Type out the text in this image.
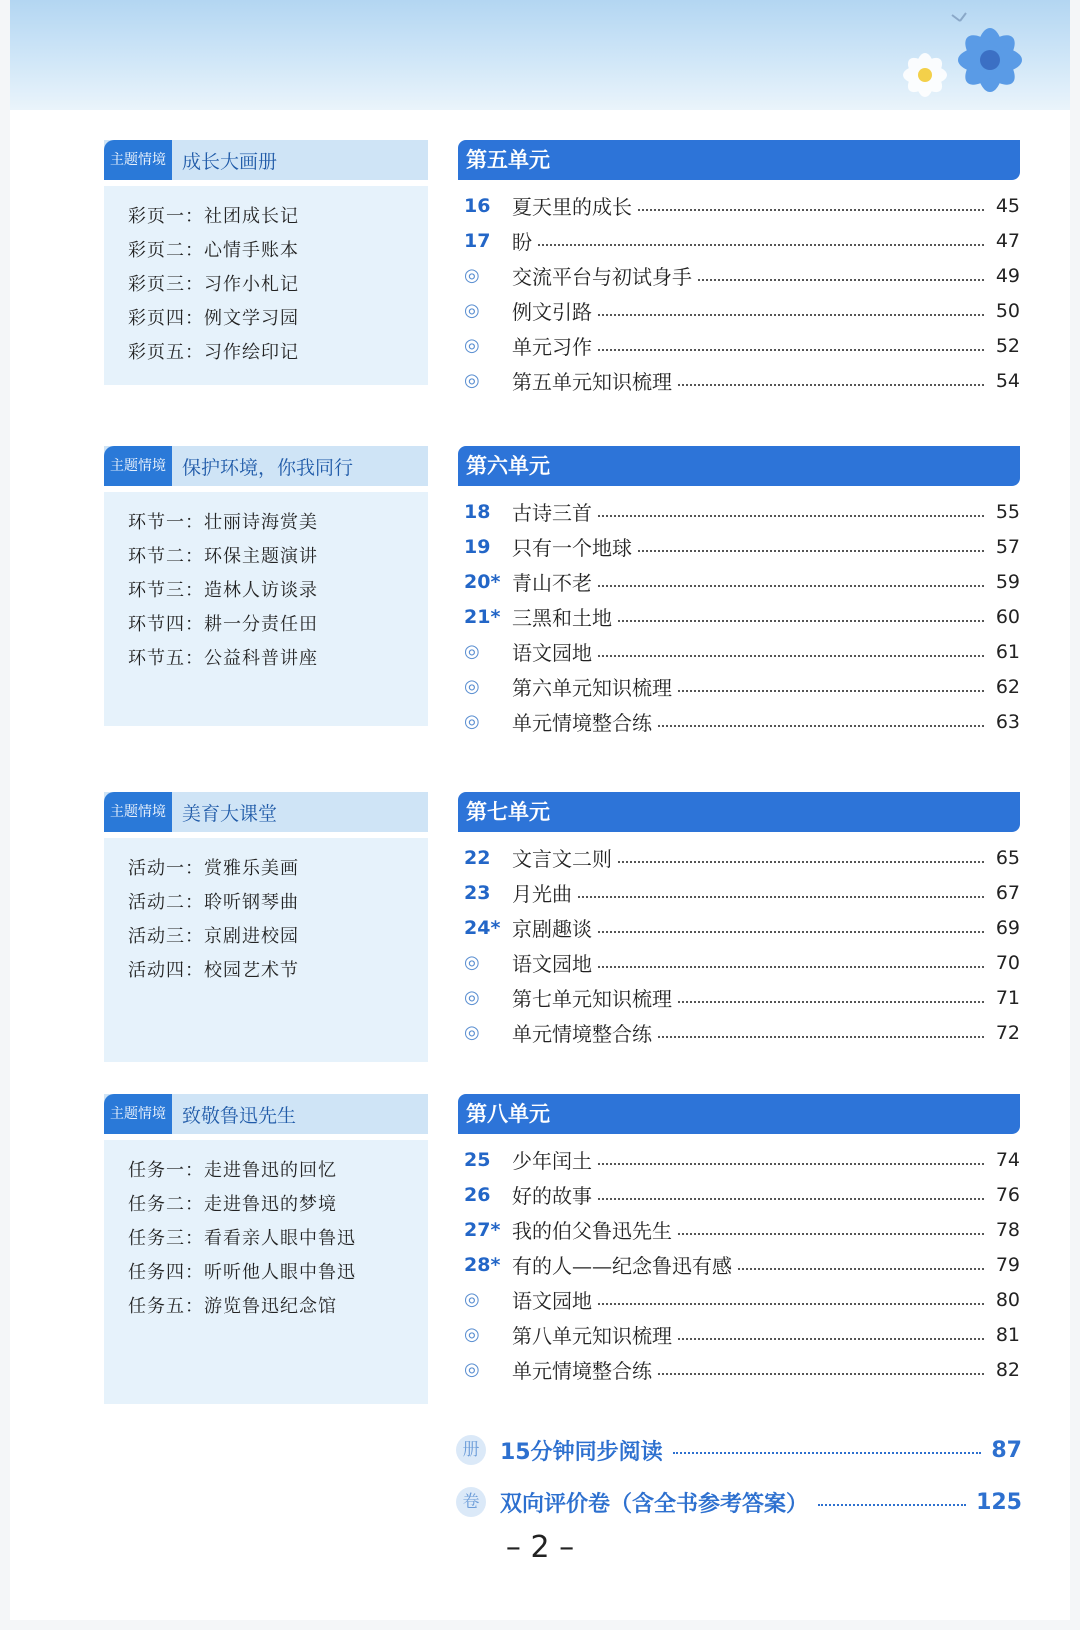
主题情境 成长大画册
彩页一：社团成长记
彩页二：心情手账本
彩页三：习作小札记
彩页四：例文学习园
彩页五：习作绘印记
主题情境 保护环境，你我同行
环节一：壮丽诗海赏美
环节二：环保主题演讲
环节三：造林人访谈录
环节四：耕一分责任田
环节五：公益科普讲座
主题情境 美育大课堂
活动一：赏雅乐美画
活动二：聆听钢琴曲
活动三：京剧进校园
活动四：校园艺术节
主题情境 致敬鲁迅先生
任务一：走进鲁迅的回忆
任务二：走进鲁迅的梦境
任务三：看看亲人眼中鲁迅
任务四：听听他人眼中鲁迅
任务五：游览鲁迅纪念馆
第五单元
16	夏天里的成长	45
17	盼	47
◎	交流平台与初试身手	49
◎	例文引路	50
◎	单元习作	52
◎	第五单元知识梳理	54
第六单元
18	古诗三首	55
19	只有一个地球	57
20* 青山不老	59
21* 三黑和土地	60
◎	语文园地	61
◎	第六单元知识梳理	62
◎	单元情境整合练	63
第七单元
22	文言文二则	65
23	月光曲	67
24* 京剧趣谈	69
◎	语文园地	70
◎	第七单元知识梳理	71
◎	单元情境整合练	72
第八单元
25	少年闰土	74
26	好的故事	76
27* 我的伯父鲁迅先生	78
28* 有的人——纪念鲁迅有感	79
◎	语文园地	80
◎	第八单元知识梳理	81
◎	单元情境整合练	82
册 15分钟同步阅读	87
卷 双向评价卷（含全书参考答案）	125
– 2 –
